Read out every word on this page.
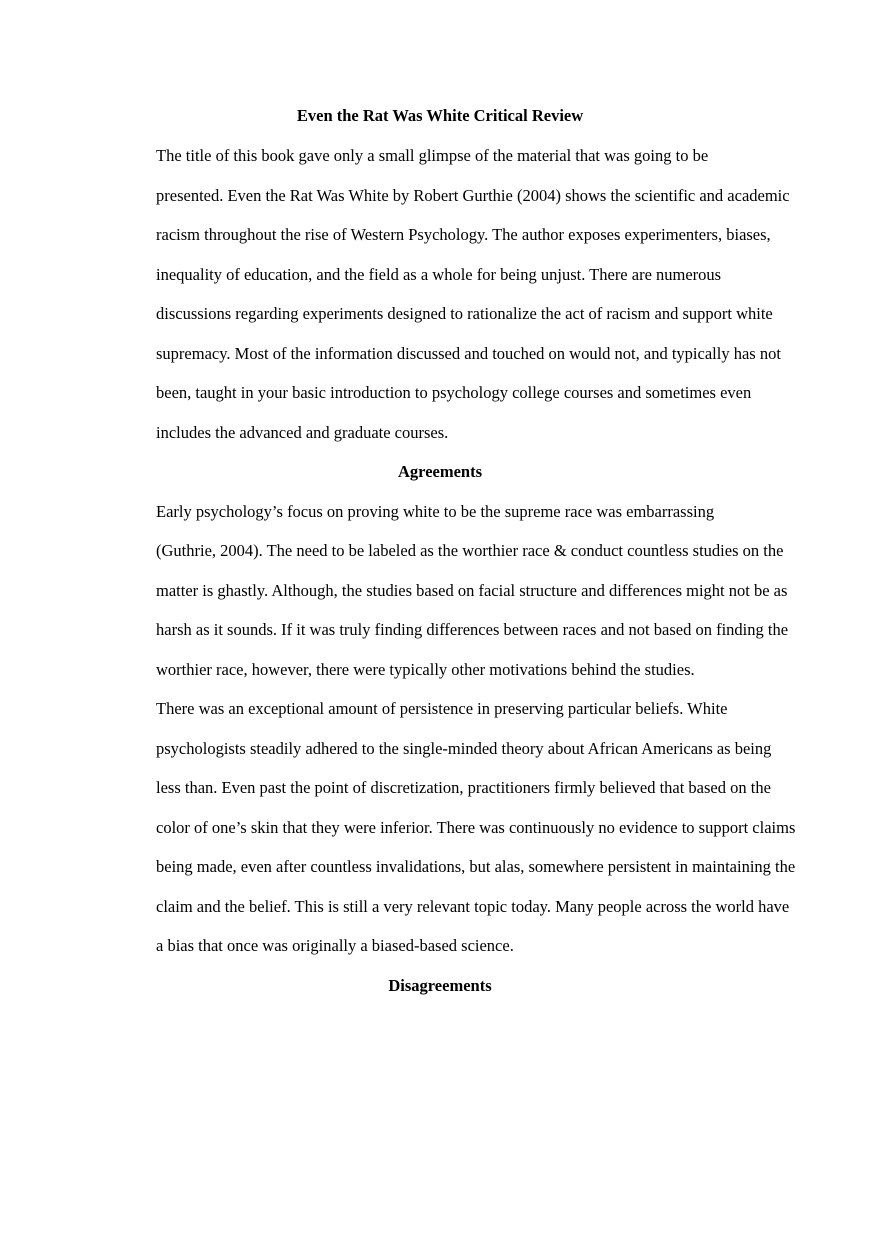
Even the Rat Was White Critical Review

The title of this book gave only a small glimpse of the material that was going to be
presented. Even the Rat Was White by Robert Gurthie (2004) shows the scientific and academic
racism throughout the rise of Western Psychology. The author exposes experimenters, biases,
inequality of education, and the field as a whole for being unjust. There are numerous
discussions regarding experiments designed to rationalize the act of racism and support white
supremacy. Most of the information discussed and touched on would not, and typically has not
been, taught in your basic introduction to psychology college courses and sometimes even
includes the advanced and graduate courses.

Agreements

Early psychology’s focus on proving white to be the supreme race was embarrassing
(Guthrie, 2004). The need to be labeled as the worthier race & conduct countless studies on the
matter is ghastly. Although, the studies based on facial structure and differences might not be as
harsh as it sounds. If it was truly finding differences between races and not based on finding the
worthier race, however, there were typically other motivations behind the studies.

There was an exceptional amount of persistence in preserving particular beliefs. White
psychologists steadily adhered to the single-minded theory about African Americans as being
less than. Even past the point of discretization, practitioners firmly believed that based on the
color of one’s skin that they were inferior. There was continuously no evidence to support claims
being made, even after countless invalidations, but alas, somewhere persistent in maintaining the
claim and the belief. This is still a very relevant topic today. Many people across the world have
a bias that once was originally a biased-based science.

Disagreements
